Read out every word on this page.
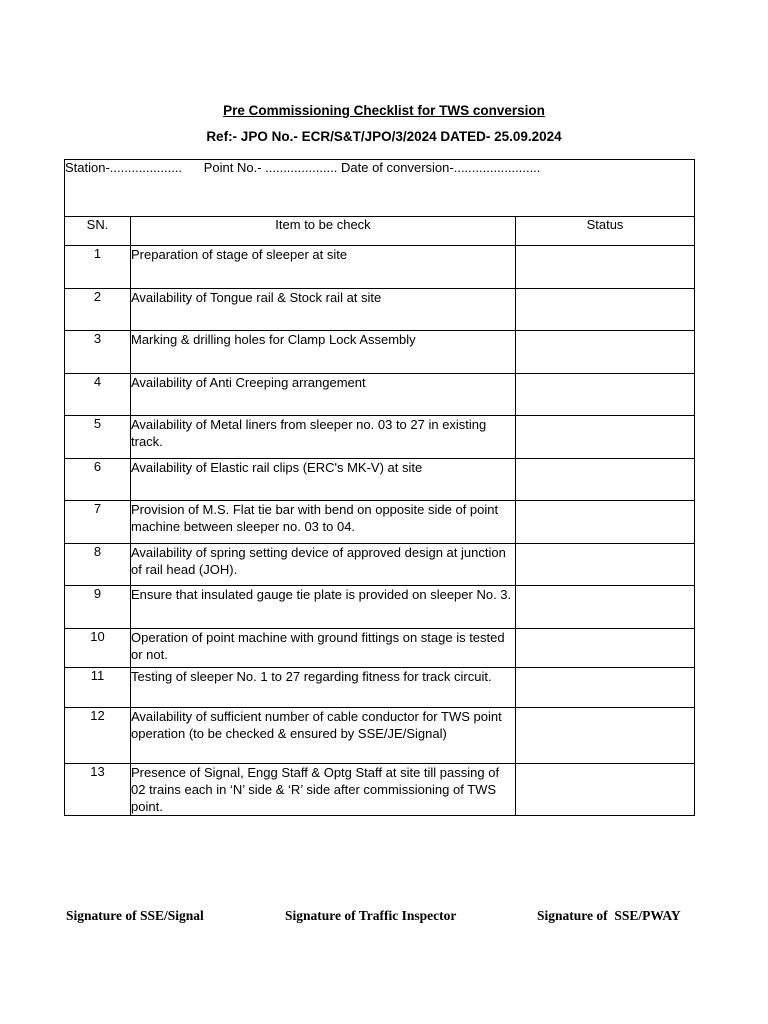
Pre Commissioning Checklist for TWS conversion
Ref:- JPO No.- ECR/S&T/JPO/3/2024 DATED- 25.09.2024
Station-.................... Point No.- .................... Date of conversion-........................		
SN.	Item to be check	Status
1	Preparation of stage of sleeper at site	
2	Availability of Tongue rail & Stock rail at site	
3	Marking & drilling holes for Clamp Lock Assembly	
4	Availability of Anti Creeping arrangement	
5	Availability of Metal liners from sleeper no. 03 to 27 in existing track.	
6	Availability of Elastic rail clips (ERC's MK-V) at site	
7	Provision of M.S. Flat tie bar with bend on opposite side of point machine between sleeper no. 03 to 04.	
8	Availability of spring setting device of approved design at junction of rail head (JOH).	
9	Ensure that insulated gauge tie plate is provided on sleeper No. 3.	
10	Operation of point machine with ground fittings on stage is tested or not.	
11	Testing of sleeper No. 1 to 27 regarding fitness for track circuit.	
12	Availability of sufficient number of cable conductor for TWS point operation (to be checked & ensured by SSE/JE/Signal)	
13	Presence of Signal, Engg Staff & Optg Staff at site till passing of 02 trains each in ‘N’ side & ‘R’ side after commissioning of TWS point.	
Signature of SSE/Signal	Signature of Traffic Inspector	Signature of  SSE/PWAY
